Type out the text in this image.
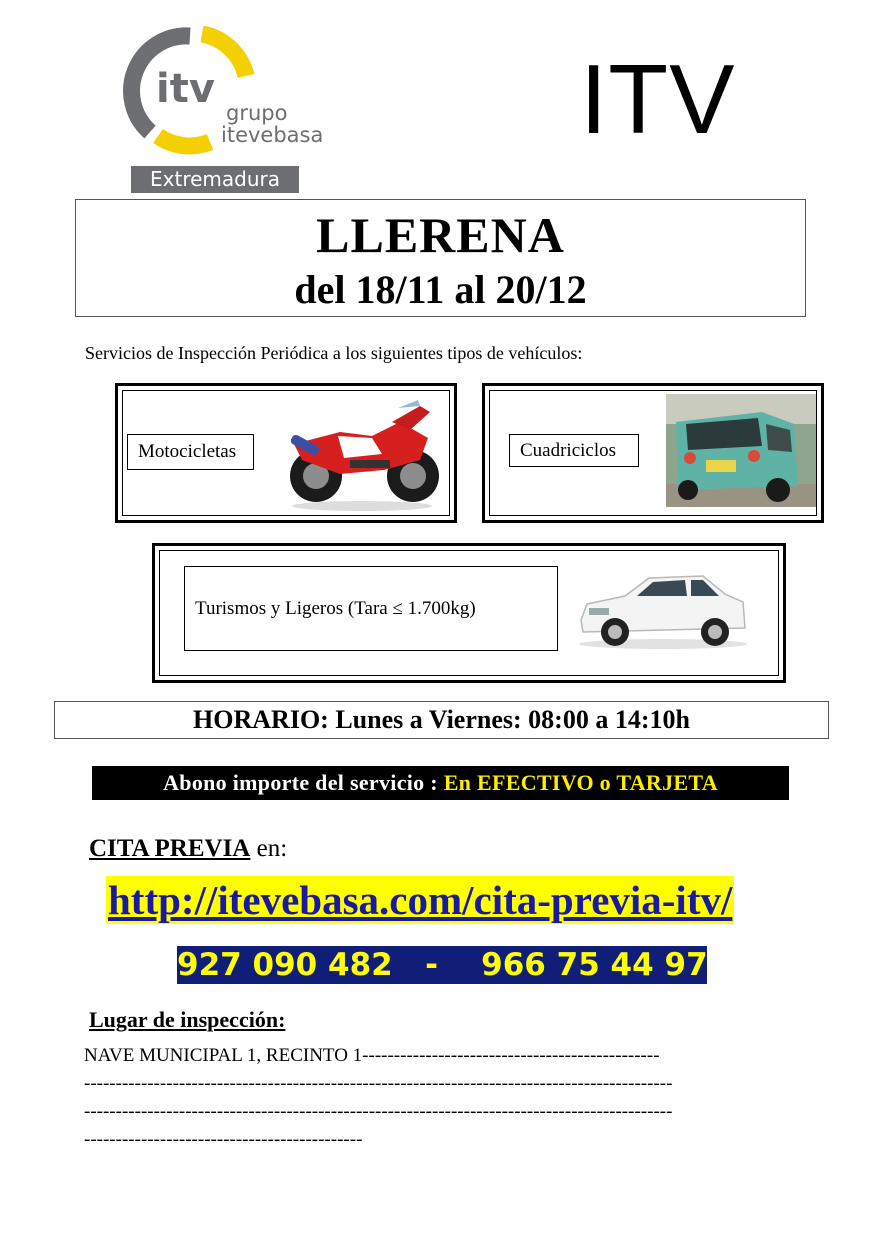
itv
grupo
itevebasa
Extremadura
ITV
LLERENA
del 18/11 al 20/12
Servicios de Inspección Periódica a los siguientes tipos de vehículos:
Motocicletas	Cuadriciclos
Turismos y Ligeros (Tara ≤ 1.700kg)
HORARIO: Lunes a Viernes: 08:00 a 14:10h
Abono importe del servicio : En EFECTIVO o TARJETA
CITA PREVIA en:
http://itevebasa.com/cita-previa-itv/
927 090 482   -    966 75 44 97
Lugar de inspección:
NAVE MUNICIPAL 1, RECINTO 1-----------------------------------------------
---------------------------------------------------------------------------------------------
---------------------------------------------------------------------------------------------
--------------------------------------------
